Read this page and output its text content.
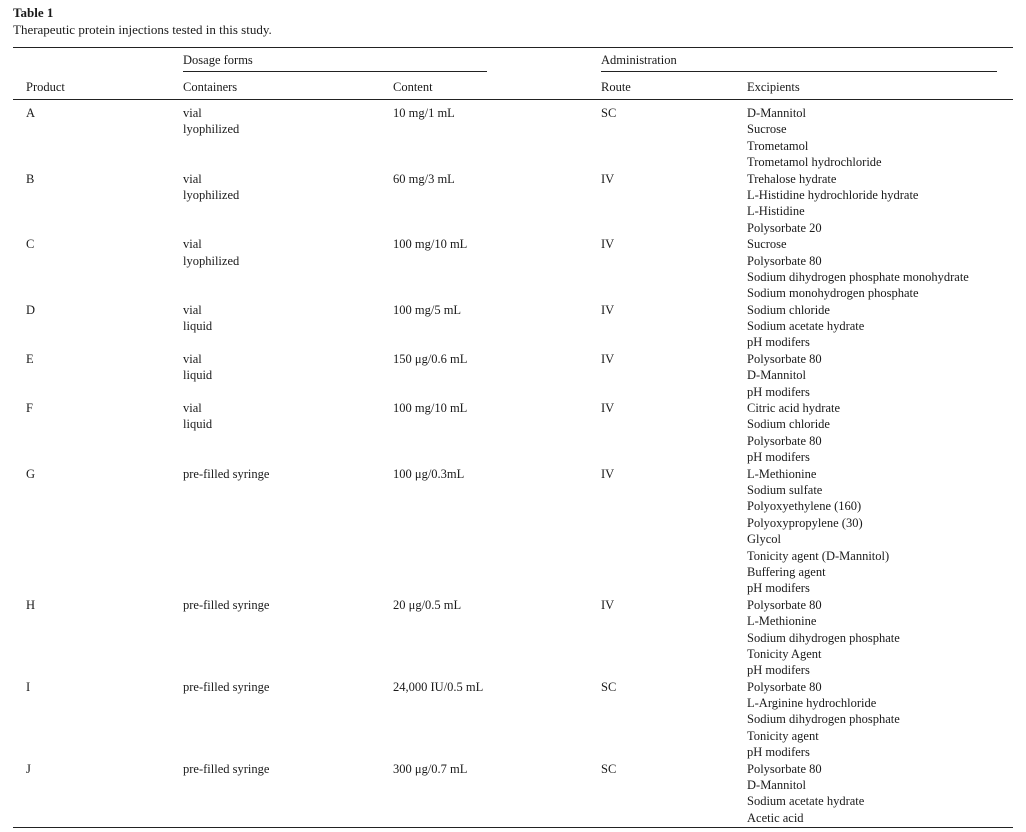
Table 1
Therapeutic protein injections tested in this study.
Dosage forms	Administration
Product	Containers	Content	Route	Excipients
A	vial
lyophilized
10 mg/1 mL	SC	D-Mannitol
Sucrose
Trometamol
Trometamol hydrochloride
B	vial
lyophilized
60 mg/3 mL	IV	Trehalose hydrate
L-Histidine hydrochloride hydrate
L-Histidine
Polysorbate 20
C	vial
lyophilized
100 mg/10 mL	IV	Sucrose
Polysorbate 80
Sodium dihydrogen phosphate monohydrate
Sodium monohydrogen phosphate
D	vial
liquid
100 mg/5 mL	IV	Sodium chloride
Sodium acetate hydrate
pH modifers
E	vial
liquid
150 μg/0.6 mL	IV	Polysorbate 80
D-Mannitol
pH modifers
F	vial
liquid
100 mg/10 mL	IV	Citric acid hydrate
Sodium chloride
Polysorbate 80
pH modifers
G	pre-filled syringe	100 μg/0.3mL	IV	L-Methionine
Sodium sulfate
Polyoxyethylene (160)
Polyoxypropylene (30)
Glycol
Tonicity agent (D-Mannitol)
Buffering agent
pH modifers
H	pre-filled syringe	20 μg/0.5 mL	IV	Polysorbate 80
L-Methionine
Sodium dihydrogen phosphate
Tonicity Agent
pH modifers
I	pre-filled syringe	24,000 IU/0.5 mL	SC	Polysorbate 80
L-Arginine hydrochloride
Sodium dihydrogen phosphate
Tonicity agent
pH modifers
J	pre-filled syringe	300 μg/0.7 mL	SC	Polysorbate 80
D-Mannitol
Sodium acetate hydrate
Acetic acid
